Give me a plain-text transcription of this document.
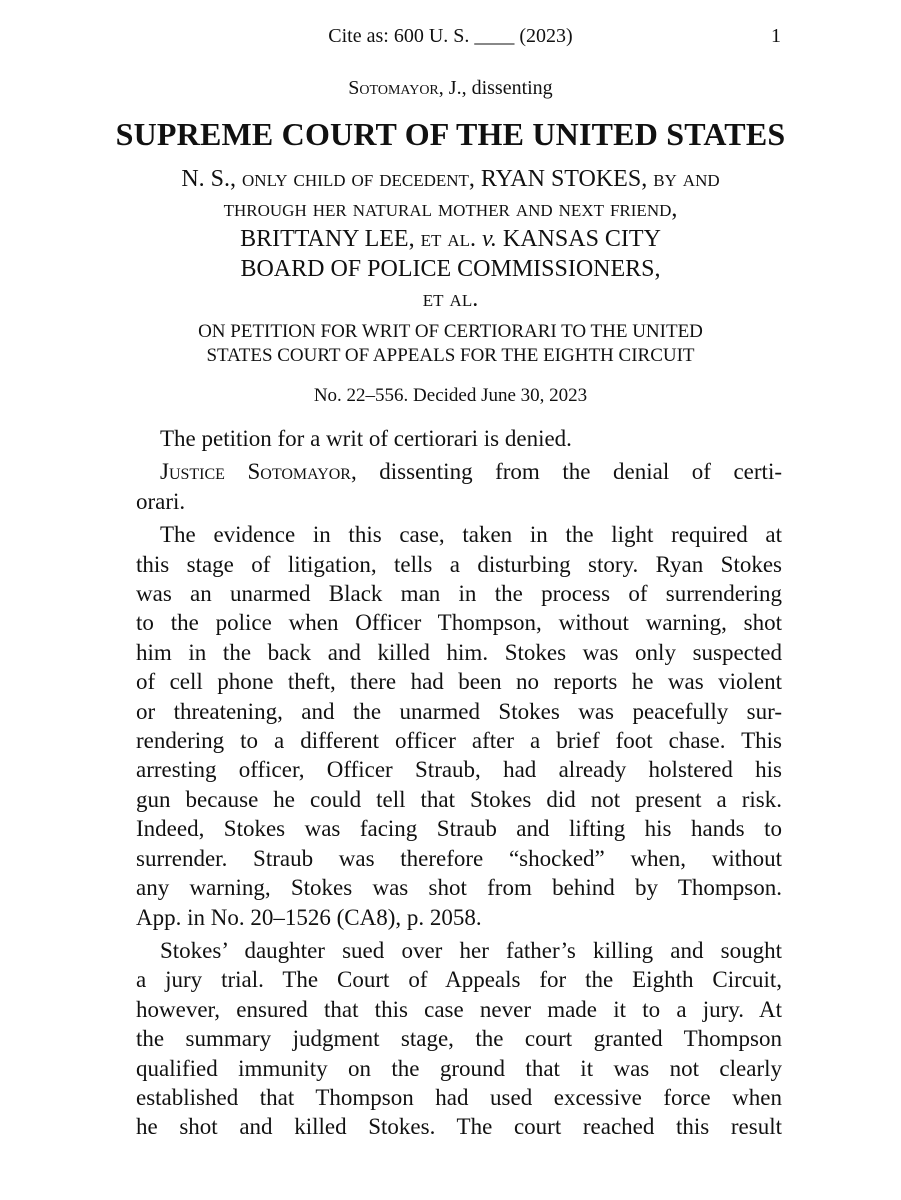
Cite as: 600 U. S. ____ (2023)	1
Sotomayor, J., dissenting
SUPREME COURT OF THE UNITED STATES
N. S., only child of decedent, RYAN STOKES, by and
through her natural mother and next friend,
BRITTANY LEE, et al. v. KANSAS CITY
BOARD OF POLICE COMMISSIONERS,
et al.
ON PETITION FOR WRIT OF CERTIORARI TO THE UNITED
STATES COURT OF APPEALS FOR THE EIGHTH CIRCUIT
No. 22–556. Decided June 30, 2023
The petition for a writ of certiorari is denied.
Justice Sotomayor, dissenting from the denial of certi-
orari.
The evidence in this case, taken in the light required at
this stage of litigation, tells a disturbing story. Ryan Stokes
was an unarmed Black man in the process of surrendering
to the police when Officer Thompson, without warning, shot
him in the back and killed him. Stokes was only suspected
of cell phone theft, there had been no reports he was violent
or threatening, and the unarmed Stokes was peacefully sur-
rendering to a different officer after a brief foot chase. This
arresting officer, Officer Straub, had already holstered his
gun because he could tell that Stokes did not present a risk.
Indeed, Stokes was facing Straub and lifting his hands to
surrender. Straub was therefore “shocked” when, without
any warning, Stokes was shot from behind by Thompson.
App. in No. 20–1526 (CA8), p. 2058.
Stokes’ daughter sued over her father’s killing and sought
a jury trial. The Court of Appeals for the Eighth Circuit,
however, ensured that this case never made it to a jury. At
the summary judgment stage, the court granted Thompson
qualified immunity on the ground that it was not clearly
established that Thompson had used excessive force when
he shot and killed Stokes. The court reached this result
